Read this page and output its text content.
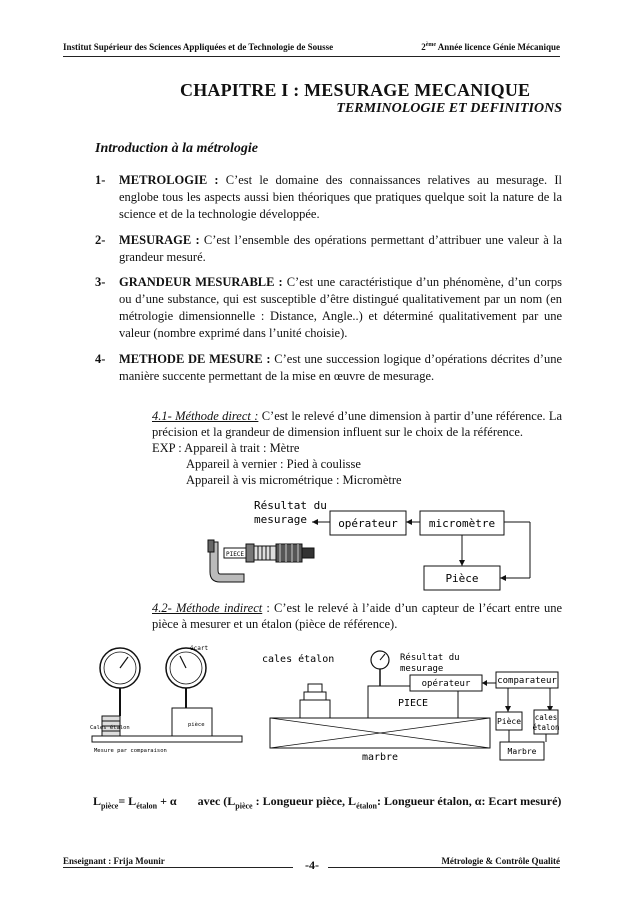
Institut Supérieur des Sciences Appliquées et de Technologie de Sousse	2ème Année licence Génie Mécanique
CHAPITRE I : MESURAGE MECANIQUE
TERMINOLOGIE ET DEFINITIONS
Introduction à la métrologie
1- METROLOGIE : C’est le domaine des connaissances relatives au mesurage. Il englobe tous les aspects aussi bien théoriques que pratiques quelque soit la nature de la science et de la technologie développée.
2- MESURAGE : C’est l’ensemble des opérations permettant d’attribuer une valeur à la grandeur mesuré.
3- GRANDEUR MESURABLE : C’est une caractéristique d’un phénomène, d’un corps ou d’une substance, qui est susceptible d’être distingué qualitativement par un nom (en métrologie dimensionnelle : Distance, Angle..) et déterminé qualitativement par une valeur (nombre exprimé dans l’unité choisie).
4- METHODE DE MESURE : C’est une succession logique d’opérations décrites d’une manière succente permettant de la mise en œuvre de mesurage.
4.1- Méthode direct : C’est le relevé d’une dimension à partir d’une référence. La précision et la grandeur de dimension influent sur le choix de la référence.
EXP : Appareil à trait : Mètre
Appareil à vernier : Pied à coulisse
Appareil à vis micrométrique : Micromètre
Résultat du
mesurage	opérateur	micromètre
Pièce
PIECE
4.2- Méthode indirect : C’est le relevé à l’aide d’un capteur de l’écart entre une pièce à mesurer et un étalon (pièce de référence).
écart
Cales étalon	pièce
Mesure par comparaison
cales étalon	Résultat du
mesurage
PIECE
marbre
opérateur	comparateur
Pièce cales
étalon
Marbre
$L_{pièce}= L_{étalon} + \alpha$ avec ($L_{pièce}$ : Longueur pièce, $L_{étalon}$: Longueur étalon, α: Ecart mesuré)
Enseignant : Frija Mounir	-4-	Métrologie & Contrôle Qualité
